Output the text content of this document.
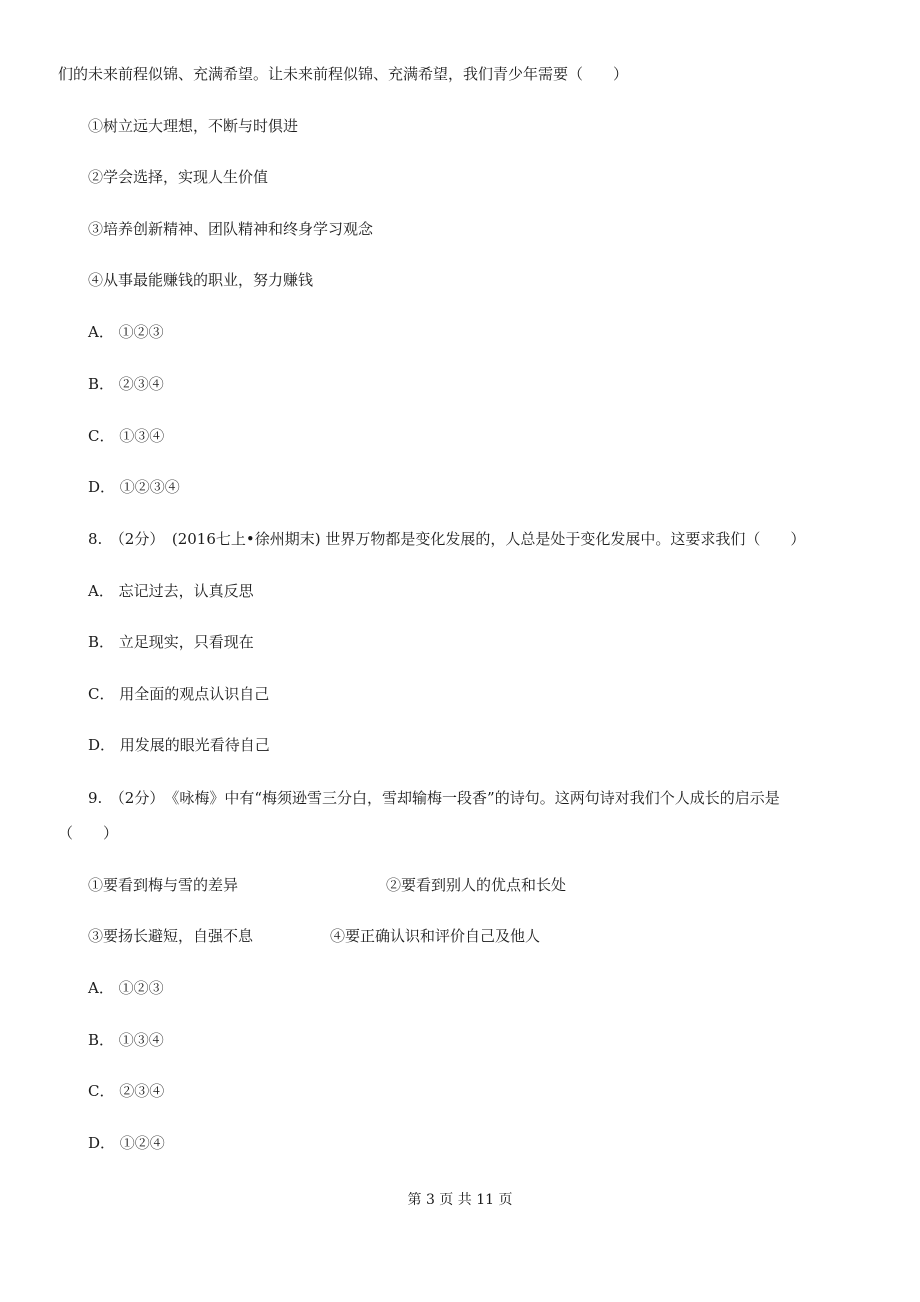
们的未来前程似锦、充满希望。让未来前程似锦、充满希望，我们青少年需要（　　）
①树立远大理想，不断与时俱进
②学会选择，实现人生价值
③培养创新精神、团队精神和终身学习观念
④从事最能赚钱的职业，努力赚钱
A． ①②③
B． ②③④
C． ①③④
D． ①②③④
8.　（2分）　(2016七上•徐州期末) 世界万物都是变化发展的，人总是处于变化发展中。这要求我们（　　）
A． 忘记过去，认真反思
B． 立足现实，只看现在
C． 用全面的观点认识自己
D． 用发展的眼光看待自己
9.　（2分）　《咏梅》中有“梅须逊雪三分白，雪却输梅一段香”的诗句。这两句诗对我们个人成长的启示是
（　　）
①要看到梅与雪的差异	②要看到别人的优点和长处
③要扬长避短，自强不息	④要正确认识和评价自己及他人
A． ①②③
B． ①③④
C． ②③④
D． ①②④
第 3 页 共 11 页
